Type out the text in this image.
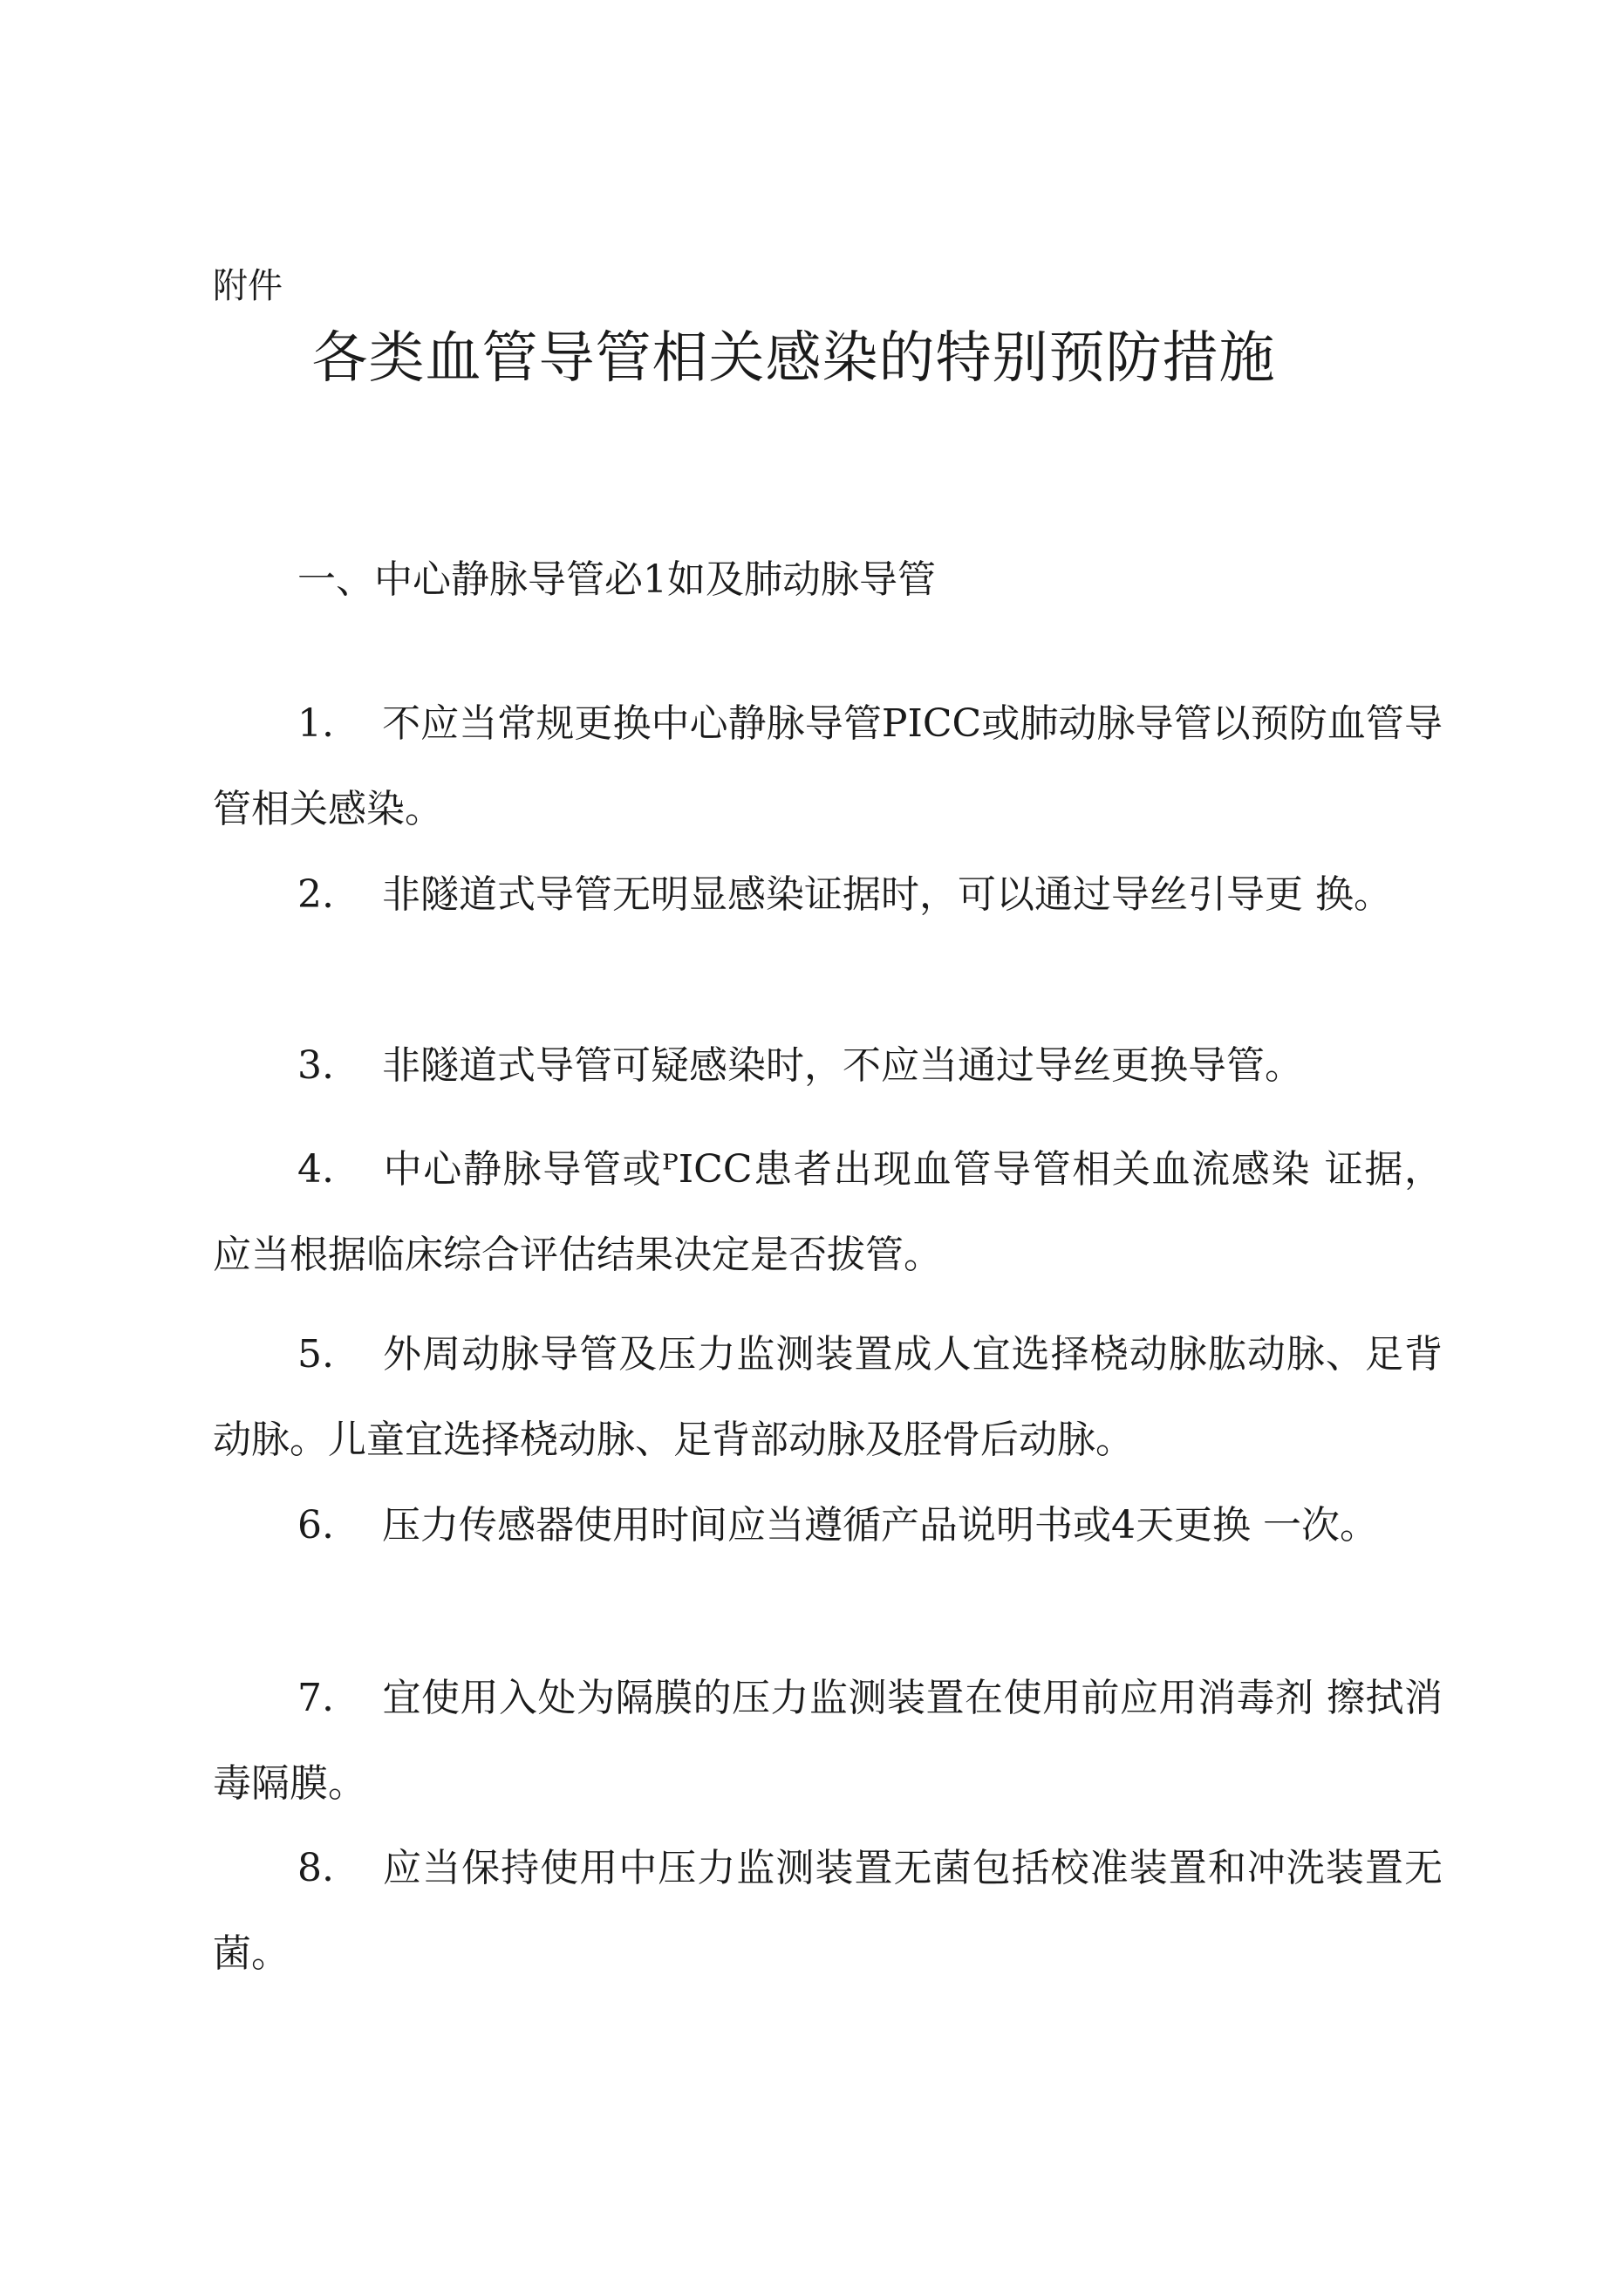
附件
各类血管导管相关感染的特别预防措施
一、中心静脉导管必1如及肺动脉导管

1. 不应当常规更换中心静脉导管PICC或肺动脉导管以预防血管导管相关感染。

2. 非隧道式导管无明显感染证据时，可以通过导丝引导更 换。

3. 非隧道式导管可疑感染时，不应当通过导丝更换导管。

4. 中心静脉导管或ᴾICC患者出现血管导管相关血流感染 证据，应当根据临床综合评估结果决定是否拔管。

5. 外周动脉导管及压力监测装置成人宜选择桡动脉肱动脉、足背动脉。儿童宜选择桡动脉、足背部动脉及胫骨后动脉。

6. 压力传感器使用时间应当遵循产品说明书或4天更换 一次。

7. 宜使用入处为隔膜的压力监测装置在使用前应用消毒剂 擦拭消毒隔膜。

8. 应当保持使用中压力监测装置无菌包括校准装置和冲洗装置无菌。
